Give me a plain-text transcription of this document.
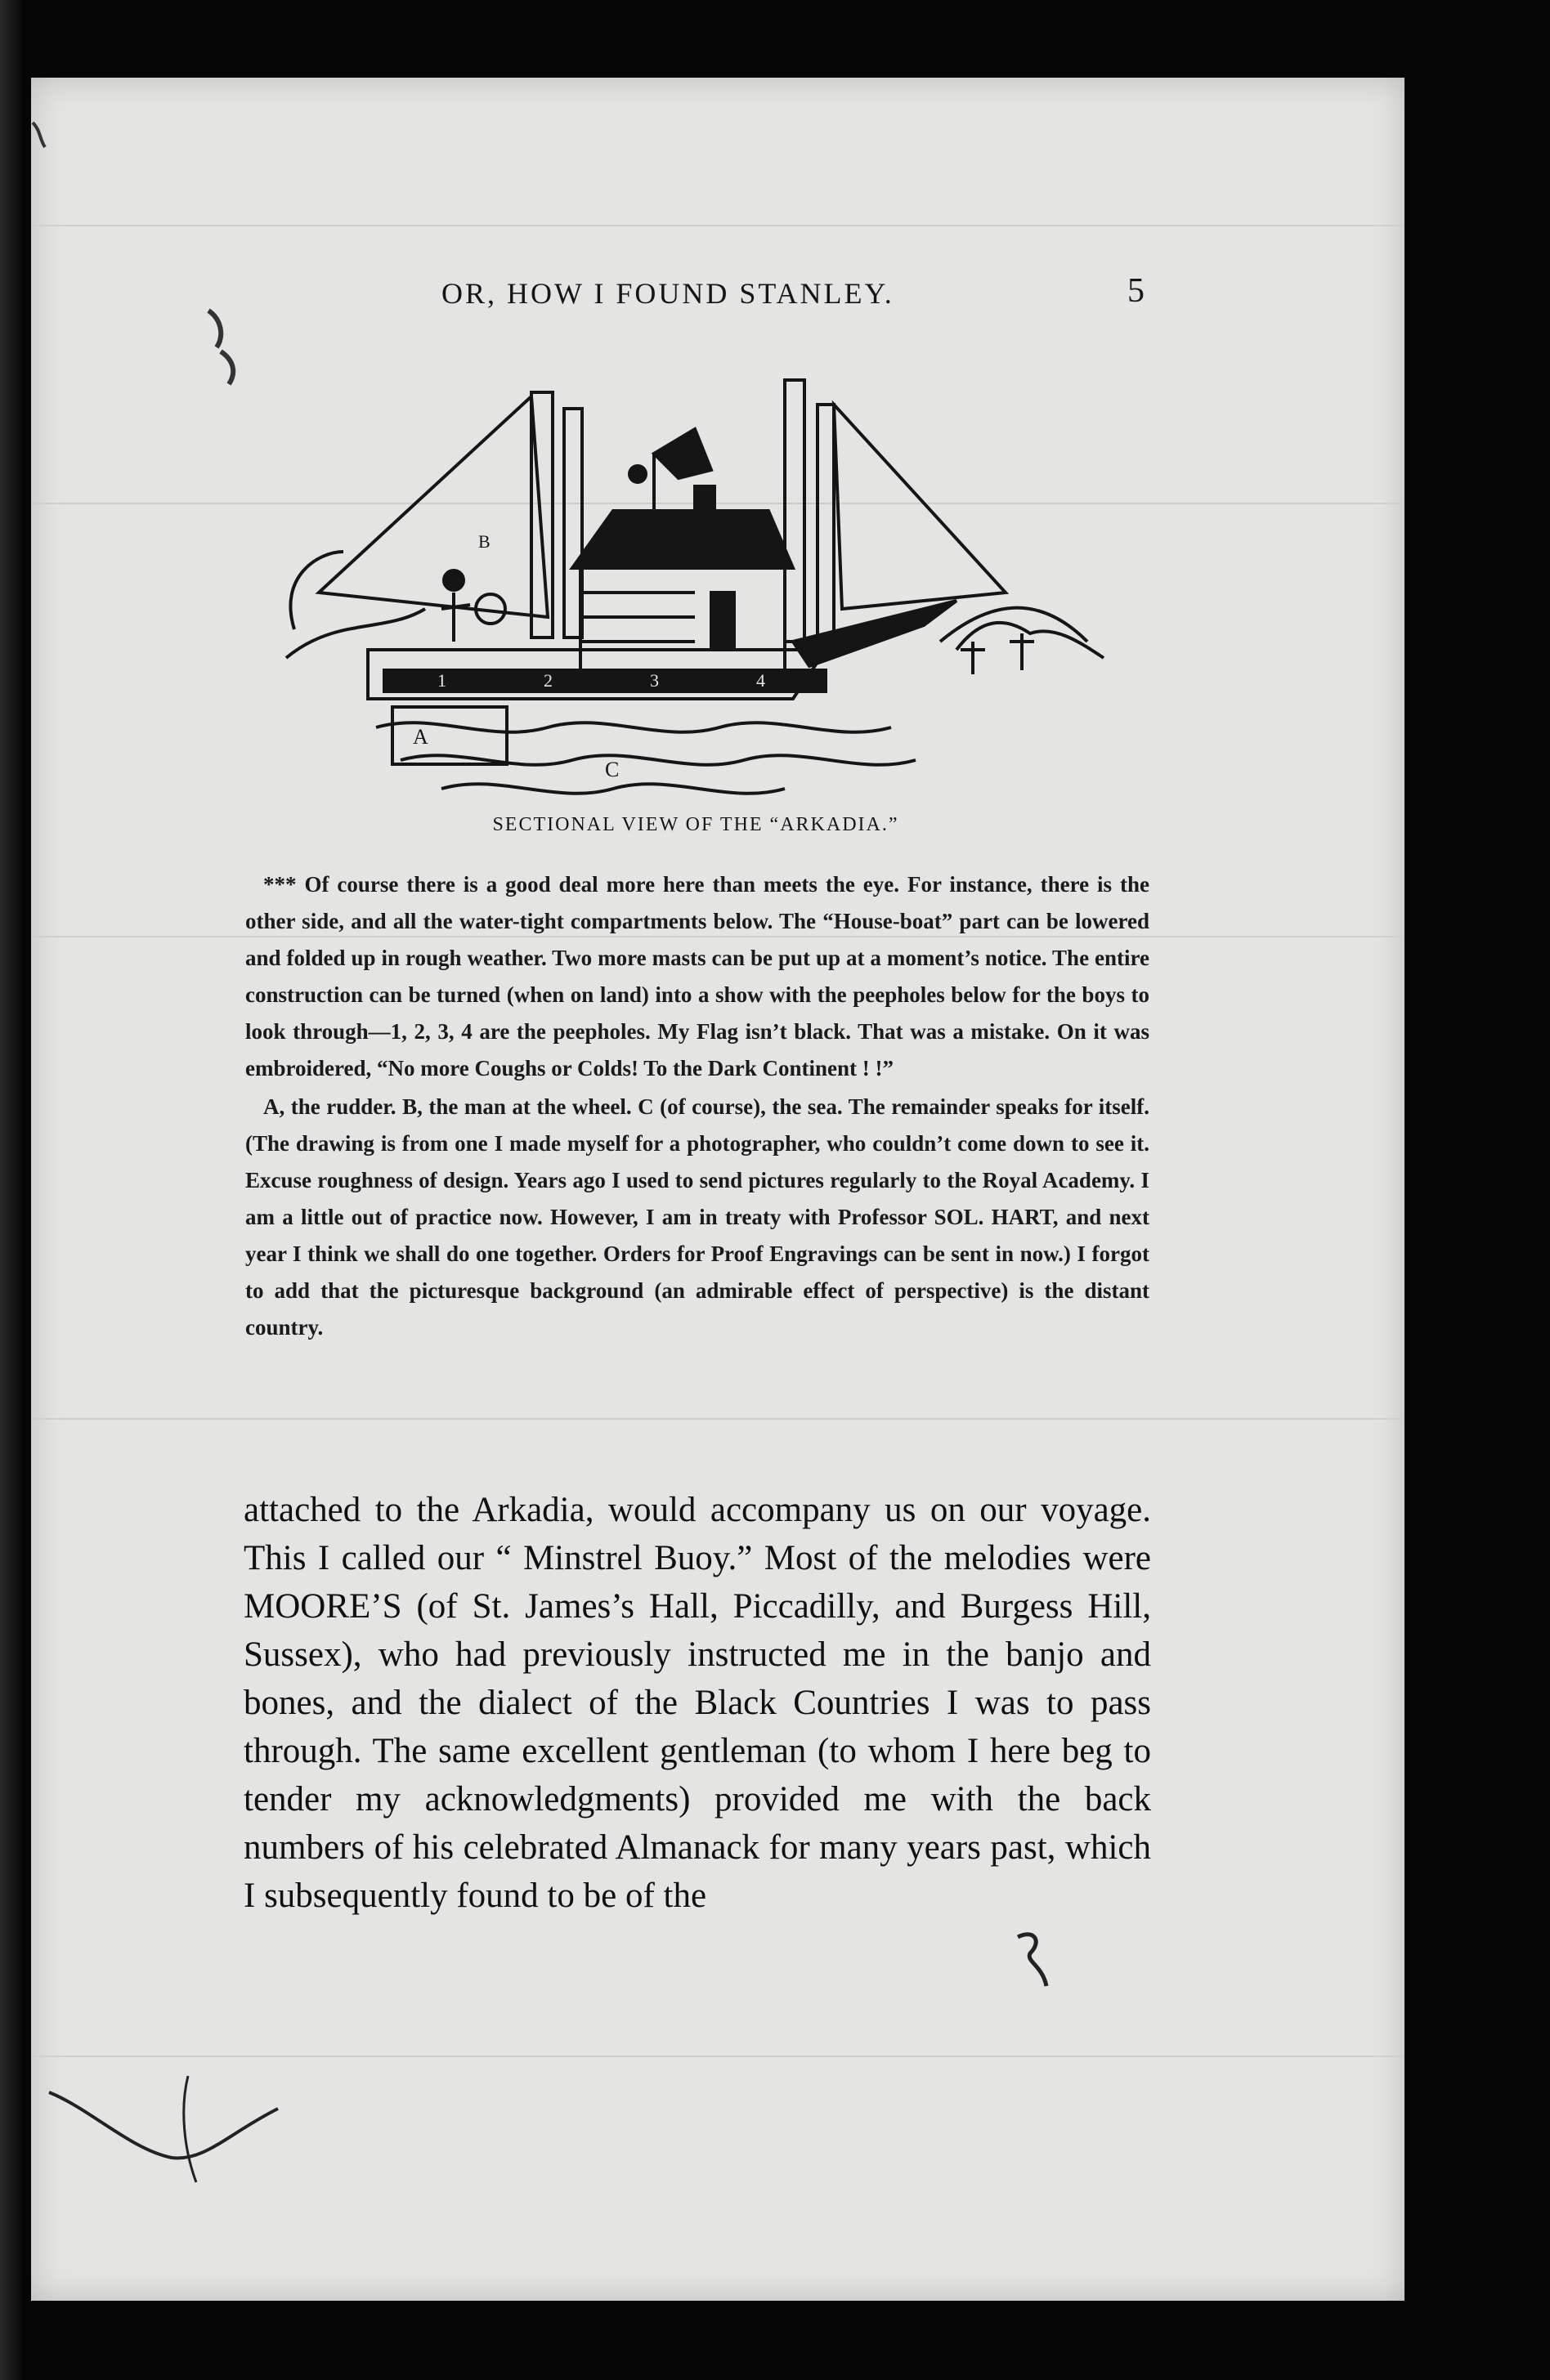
OR, HOW I FOUND STANLEY.	5
A
C
B
1	2	3	4
SECTIONAL VIEW OF THE “ARKADIA.”

*** Of course there is a good deal more here than meets the eye. For instance, there is the other side, and all the water-tight compartments below. The “House-boat” part can be lowered and folded up in rough weather. Two more masts can be put up at a moment’s notice. The entire construction can be turned (when on land) into a show with the peepholes below for the boys to look through—1, 2, 3, 4 are the peepholes. My Flag isn’t black. That was a mistake. On it was embroidered, “No more Coughs or Colds! To the Dark Continent ! !”

A, the rudder. B, the man at the wheel. C (of course), the sea. The remainder speaks for itself. (The drawing is from one I made myself for a photographer, who couldn’t come down to see it. Excuse roughness of design. Years ago I used to send pictures regularly to the Royal Academy. I am a little out of practice now. However, I am in treaty with Professor SOL. HART, and next year I think we shall do one together. Orders for Proof Engravings can be sent in now.) I forgot to add that the picturesque background (an admirable effect of perspective) is the distant country.

attached to the Arkadia, would accompany us on our voyage. This I called our “ Minstrel Buoy.” Most of the melodies were MOORE’S (of St. James’s Hall, Piccadilly, and Burgess Hill, Sussex), who had previously instructed me in the banjo and bones, and the dialect of the Black Countries I was to pass through. The same excellent gentleman (to whom I here beg to tender my acknowledgments) provided me with the back numbers of his celebrated Almanack for many years past, which I subsequently found to be of the
